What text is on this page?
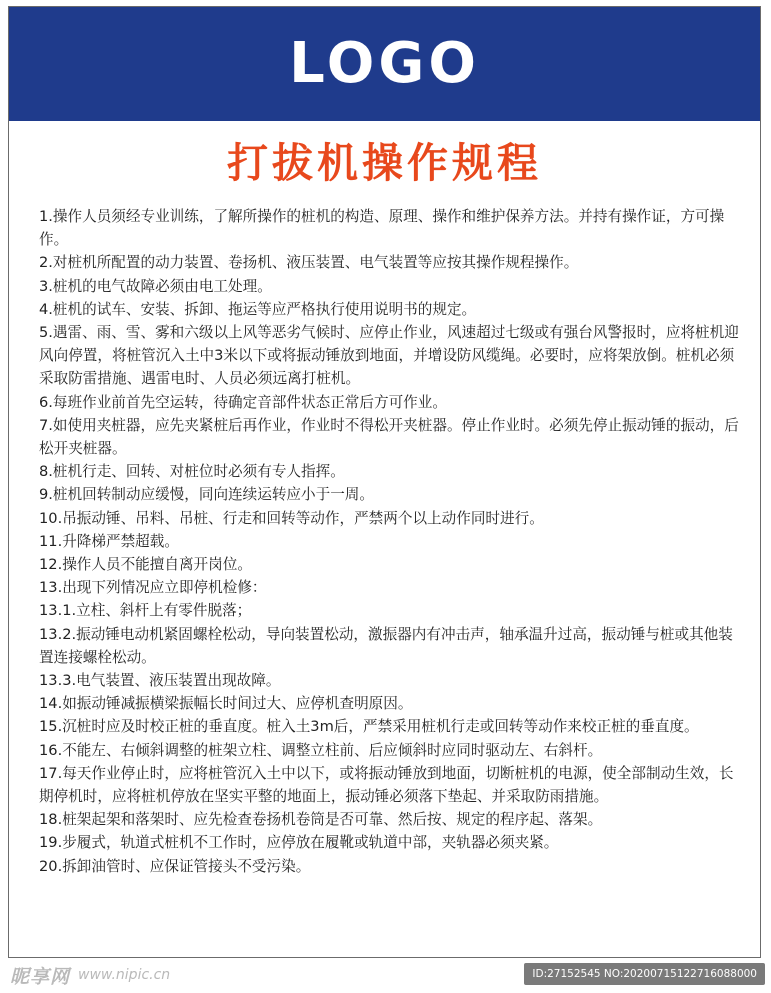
LOGO
打拔机操作规程

1.操作人员须经专业训练，了解所操作的桩机的构造、原理、操作和维护保养方法。并持有操作证，方可操作。

2.对桩机所配置的动力装置、卷扬机、液压装置、电气装置等应按其操作规程操作。

3.桩机的电气故障必须由电工处理。

4.桩机的试车、安装、拆卸、拖运等应严格执行使用说明书的规定。

5.遇雷、雨、雪、雾和六级以上风等恶劣气候时、应停止作业，风速超过七级或有强台风警报时，应将桩机迎风向停置，将桩管沉入土中3米以下或将振动锤放到地面，并增设防风缆绳。必要时，应将架放倒。桩机必须采取防雷措施、遇雷电时、人员必须远离打桩机。

6.每班作业前首先空运转，待确定音部件状态正常后方可作业。

7.如使用夹桩器，应先夹紧桩后再作业，作业时不得松开夹桩器。停止作业时。必须先停止振动锤的振动，后松开夹桩器。

8.桩机行走、回转、对桩位时必须有专人指挥。

9.桩机回转制动应缓慢，同向连续运转应小于一周。

10.吊振动锤、吊料、吊桩、行走和回转等动作，严禁两个以上动作同时进行。

11.升降梯严禁超载。

12.操作人员不能擅自离开岗位。

13.出现下列情况应立即停机检修：

13.1.立柱、斜杆上有零件脱落；

13.2.振动锤电动机紧固螺栓松动，导向装置松动，激振器内有冲击声，轴承温升过高，振动锤与桩或其他装置连接螺栓松动。

13.3.电气装置、液压装置出现故障。

14.如振动锤减振横梁振幅长时间过大、应停机查明原因。

15.沉桩时应及时校正桩的垂直度。桩入土3m后，严禁采用桩机行走或回转等动作来校正桩的垂直度。

16.不能左、右倾斜调整的桩架立柱、调整立柱前、后应倾斜时应同时驱动左、右斜杆。

17.每天作业停止时，应将桩管沉入土中以下，或将振动锤放到地面，切断桩机的电源，使全部制动生效，长期停机时，应将桩机停放在坚实平整的地面上，振动锤必须落下垫起、并采取防雨措施。

18.桩架起架和落架时、应先检查卷扬机卷筒是否可靠、然后按、规定的程序起、落架。

19.步履式，轨道式桩机不工作时，应停放在履靴或轨道中部，夹轨器必须夹紧。

20.拆卸油管时、应保证管接头不受污染。

昵享网 www.nipic.cn	ID:27152545 NO:20200715122716088000
